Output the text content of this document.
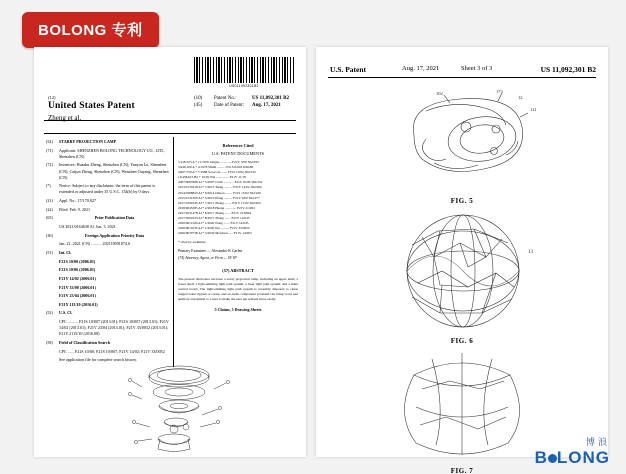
BOLONG 专利
US011092301B2
(12)
United States Patent
Zheng et al.
(10)	Patent No.:	US 11,092,301 B2
(45)	Date of Patent:	Aug. 17, 2021
(54)	STARRY PROJECTION LAMP
(71)	Applicant: SHENZHEN BOLONG TECHNOLOGY CO., LTD., Shenzhen (CN)
(72)	Inventors: Huazhu Zheng, Shenzhen (CN); Yunyan Lu, Shenzhen (CN); Caijun Zheng, Shenzhen (CN); Wenzhen Ouyang, Shenzhen (CN)
(*)	Notice: Subject to any disclaimer, the term of this patent is extended or adjusted under 35 U.S.C. 154(b) by 0 days.
(21)	Appl. No.: 17/170,927
(22)	Filed: Feb. 9, 2021
(65)	Prior Publication Data
US 2021/0164638 A1 Jun. 3, 2021
(30)	Foreign Application Priority Data
Jan. 21, 2021 (CN) .......... 202110091074.6
(51)	Int. Cl.
F21S 10/00 (2006.01)
F21S 10/06 (2006.01)
F21V 14/02 (2006.01)
F21V 33/00 (2006.01)
F21V 23/04 (2006.01)
F21Y 115/10 (2016.01)
(52)	U.S. Cl.
CPC .......... F21S 10/007 (2013.01); F21S 10/007 (2013.01); F21V 14/02 (2013.01); F21V 23/04 (2013.01); F21V 33/0052 (2013.01); F21Y 2115/10 (2016.08)
(58)	Field of Classification Search
CPC ...... F21S 10/00; F21S 10/007; F21V 14/02; F21V 33/0052
See application file for complete search history.
References Cited
U.S. PATENT DOCUMENTS
3,158,323 A * 11/1976 Zeigler ............. F21V 3/00 362/293
3,940,100 A * 4/1978 Smith .......... F21S 6/002 D26/86
4,807,759 A * 7/1988 Sorocore ....... F21S 10/02 362/232
10,458,610 B2 * 10/20 Wei ............... F21V 11/18
2007/0097688 A1* 5/2007 Clark ............ F21S 10/06 362/232
2013/0170218 A1* 7/2013 Tseng .......... F21V 14/02 362/284
2014/0268843 A1* 9/2014 Olsson ........ F21S 13/02 362/240
2015/0131300 A1* 5/2015 Pfaug .......... F21V 9/00 362/277
2017/0191645 A1* 7/2017 Zhang ........ F21V 17/02 362/294
2018/0045385 A1* 2/2018 Huang ............. F21V 21/002
2017/0231478 A1* 8/2017 Zhang ....... F21V 21/0824
2017/0261633 A1* 8/2017 Zhang ....... F21V 14/045
2020/0011500 A1* 1/2020 Wang ....... F21V 14/045
2020/0011633 A1* 1/2020 Wu .......... F21V 33/0052
2020/0079738 A1* 3/2020 Morrison ..... F21V 14/003
* cited by examiner
Primary Examiner — Alexander K Garlen
(74) Attorney, Agent, or Firm — SV IP
(57) ABSTRACT
The present disclosure encloses a starry projection lamp, including an upper shell, a lower shell, a light-emitting light path system, a laser light path system, and a main control board. The light-emitting light path system is rotatably disposed to cause ranged water ripples or rotate, and an audio component provided can bring vocal and auditory enjoyment to a user to make the user get relaxed more easily.
5 Claims, 3 Drawing Sheets
U.S. Patent	Aug. 17, 2021	Sheet 3 of 3	US 11,092,301 B2
102	173
12
121
FIG. 5
13
FIG. 6
FIG. 7
博浪
B LONG
